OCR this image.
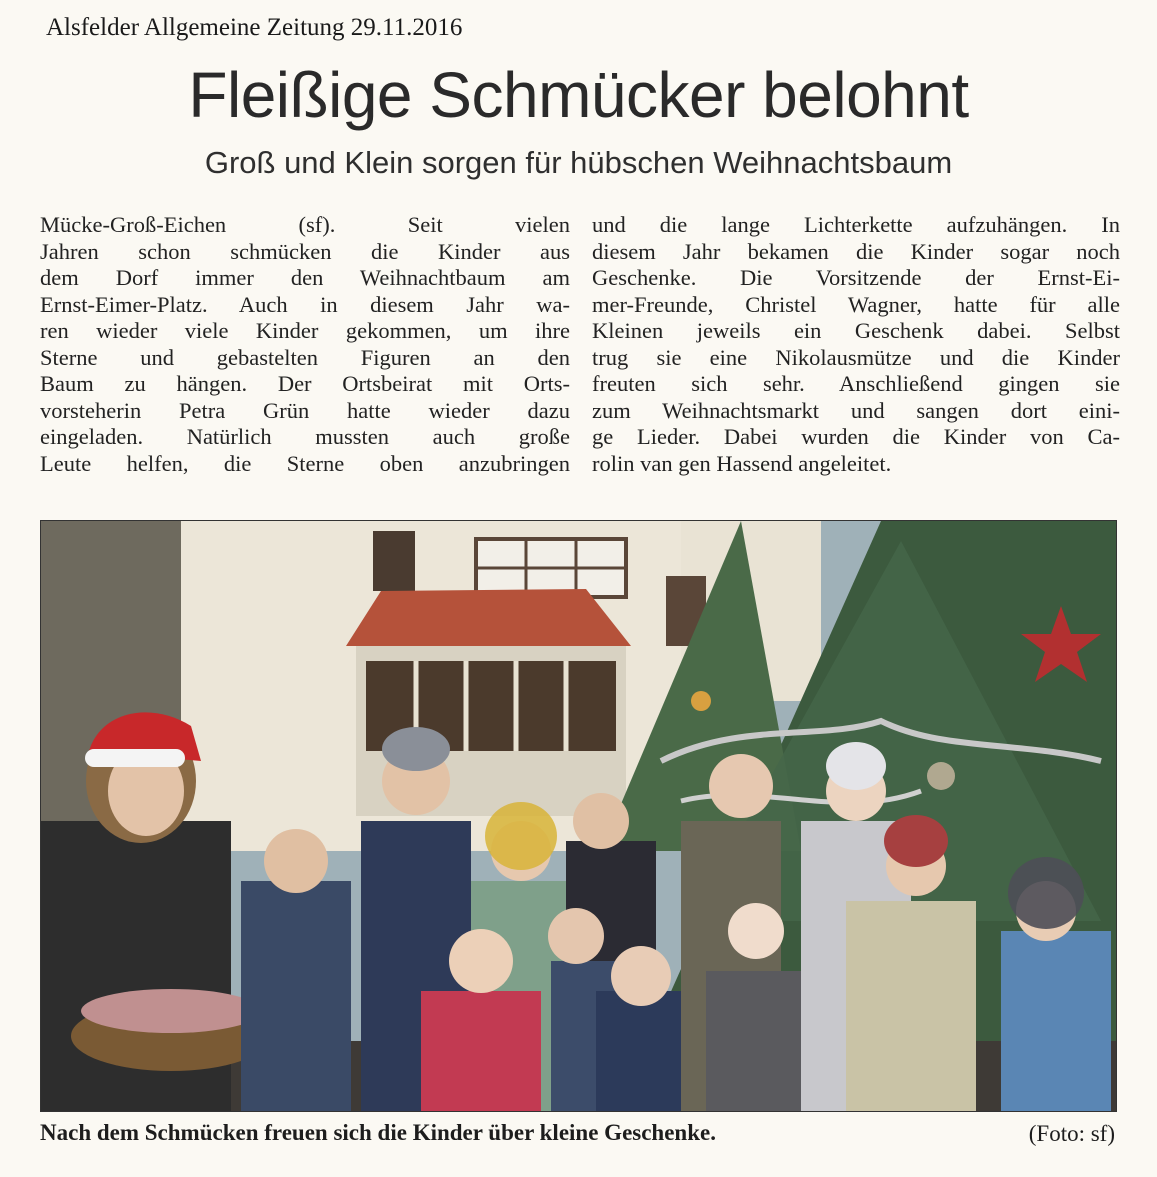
Alsfelder Allgemeine Zeitung 29.11.2016
Fleißige Schmücker belohnt
Groß und Klein sorgen für hübschen Weihnachtsbaum
Mücke-Groß-Eichen (sf). Seit vielen
Jahren schon schmücken die Kinder aus
dem Dorf immer den Weihnachtbaum am
Ernst-Eimer-Platz. Auch in diesem Jahr wa-
ren wieder viele Kinder gekommen, um ihre
Sterne und gebastelten Figuren an den
Baum zu hängen. Der Ortsbeirat mit Orts-
vorsteherin Petra Grün hatte wieder dazu
eingeladen. Natürlich mussten auch große
Leute helfen, die Sterne oben anzubringen
und die lange Lichterkette aufzuhängen. In
diesem Jahr bekamen die Kinder sogar noch
Geschenke. Die Vorsitzende der Ernst-Ei-
mer-Freunde, Christel Wagner, hatte für alle
Kleinen jeweils ein Geschenk dabei. Selbst
trug sie eine Nikolausmütze und die Kinder
freuten sich sehr. Anschließend gingen sie
zum Weihnachtsmarkt und sangen dort eini-
ge Lieder. Dabei wurden die Kinder von Ca-
rolin van gen Hassend angeleitet.
Nach dem Schmücken freuen sich die Kinder über kleine Geschenke.	(Foto: sf)
